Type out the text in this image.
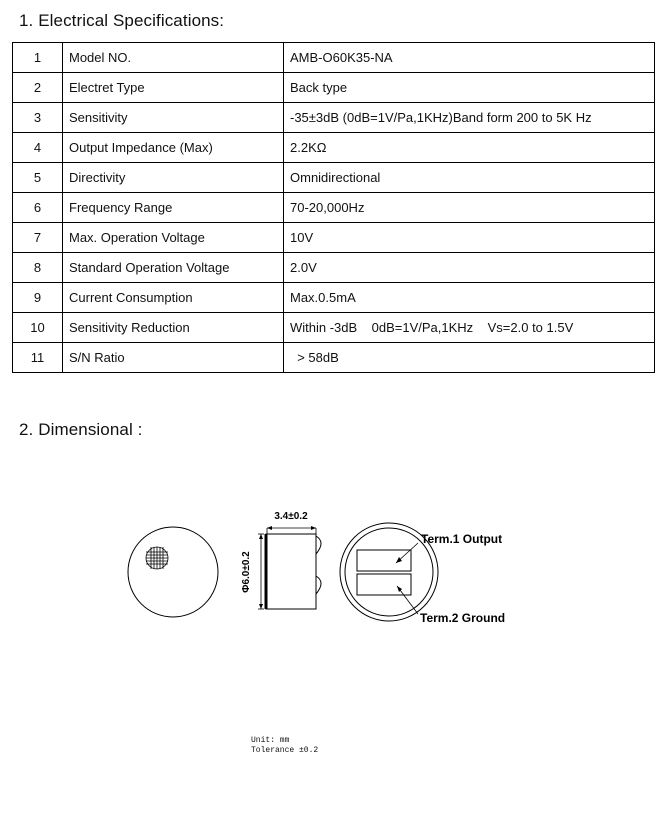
1. Electrical Specifications:
1	Model NO.	AMB-O60K35-NA
2	Electret Type	Back type
3	Sensitivity	-35±3dB (0dB=1V/Pa,1KHz)Band form 200 to 5K Hz
4	Output Impedance (Max)	2.2KΩ
5	Directivity	Omnidirectional
6	Frequency Range	70-20,000Hz
7	Max. Operation Voltage	10V
8	Standard Operation Voltage	2.0V
9	Current Consumption	Max.0.5mA
10	Sensitivity Reduction	Within -3dB    0dB=1V/Pa,1KHz    Vs=2.0 to 1.5V
11	S/N Ratio	> 58dB
2. Dimensional :
3.4±0.2
Φ6.0±0.2
Term.1 Output
Term.2 Ground
Unit: mm
Tolerance ±0.2
